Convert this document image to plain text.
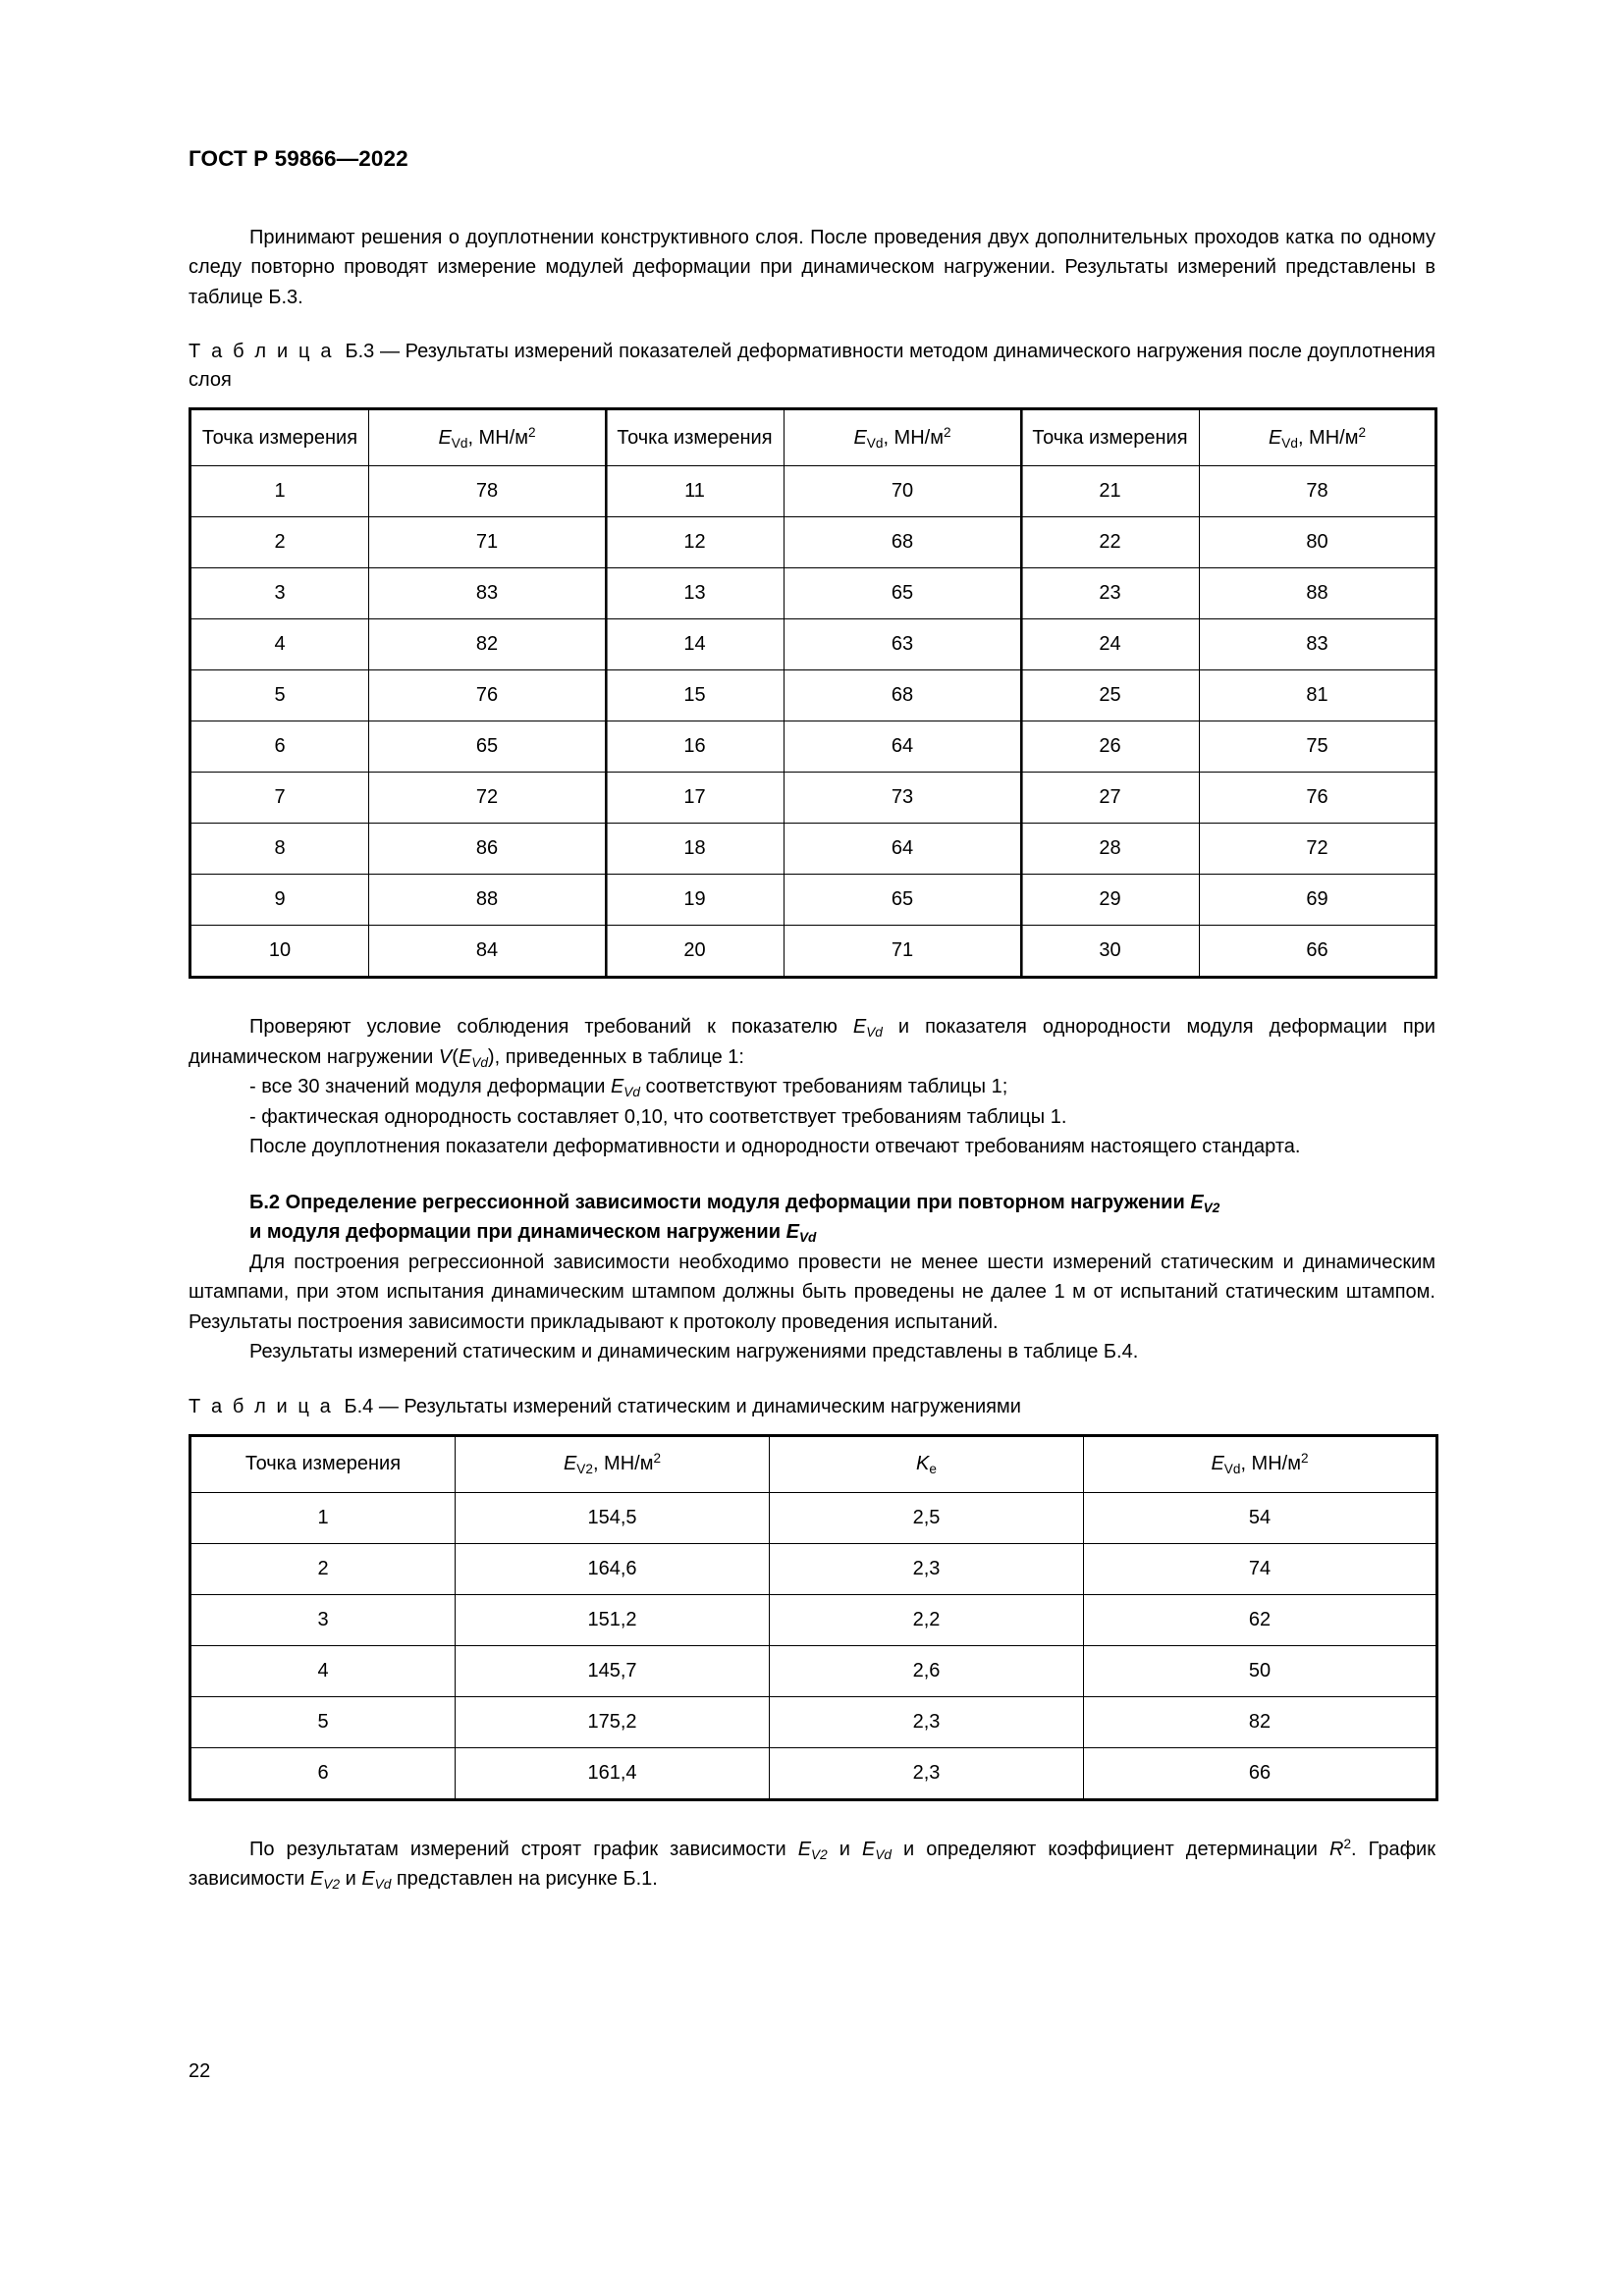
ГОСТ Р 59866—2022

Принимают решения о доуплотнении конструктивного слоя. После проведения двух дополнительных проходов катка по одному следу повторно проводят измерение модулей деформации при динамическом нагружении. Результаты измерений представлены в таблице Б.3.

Т а б л и ц а Б.3 — Результаты измерений показателей деформативности методом динамического нагружения после доуплотнения слоя

Точка измерения	$E_{Vd}$, $МН/м^2$	Точка измерения	$E_{Vd}$, $МН/м^2$	Точка измерения	$E_{Vd}$, $МН/м^2$
1	78	11	70	21	78
2	71	12	68	22	80
3	83	13	65	23	88
4	82	14	63	24	83
5	76	15	68	25	81
6	65	16	64	26	75
7	72	17	73	27	76
8	86	18	64	28	72
9	88	19	65	29	69
10	84	20	71	30	66

Проверяют условие соблюдения требований к показателю $E_{Vd}$ и показателя однородности модуля деформации при динамическом нагружении $V(E_{Vd})$, приведенных в таблице 1:

- все 30 значений модуля деформации $E_{Vd}$ соответствуют требованиям таблицы 1;

- фактическая однородность составляет 0,10, что соответствует требованиям таблицы 1.

После доуплотнения показатели деформативности и однородности отвечают требованиям настоящего стандарта.

Б.2 Определение регрессионной зависимости модуля деформации при повторном нагружении $E_{V2}$
и модуля деформации при динамическом нагружении $E_{Vd}$

Для построения регрессионной зависимости необходимо провести не менее шести измерений статическим и динамическим штампами, при этом испытания динамическим штампом должны быть проведены не далее 1 м от испытаний статическим штампом. Результаты построения зависимости прикладывают к протоколу проведения испытаний.

Результаты измерений статическим и динамическим нагружениями представлены в таблице Б.4.

Т а б л и ц а Б.4 — Результаты измерений статическим и динамическим нагружениями

Точка измерения	$E_{V2}$, $МН/м^2$	$K_e$	$E_{Vd}$, $МН/м^2$
1	154,5	2,5	54
2	164,6	2,3	74
3	151,2	2,2	62
4	145,7	2,6	50
5	175,2	2,3	82
6	161,4	2,3	66

По результатам измерений строят график зависимости $E_{V2}$ и $E_{Vd}$ и определяют коэффициент детерминации $R^2$. График зависимости $E_{V2}$ и $E_{Vd}$ представлен на рисунке Б.1.

22
